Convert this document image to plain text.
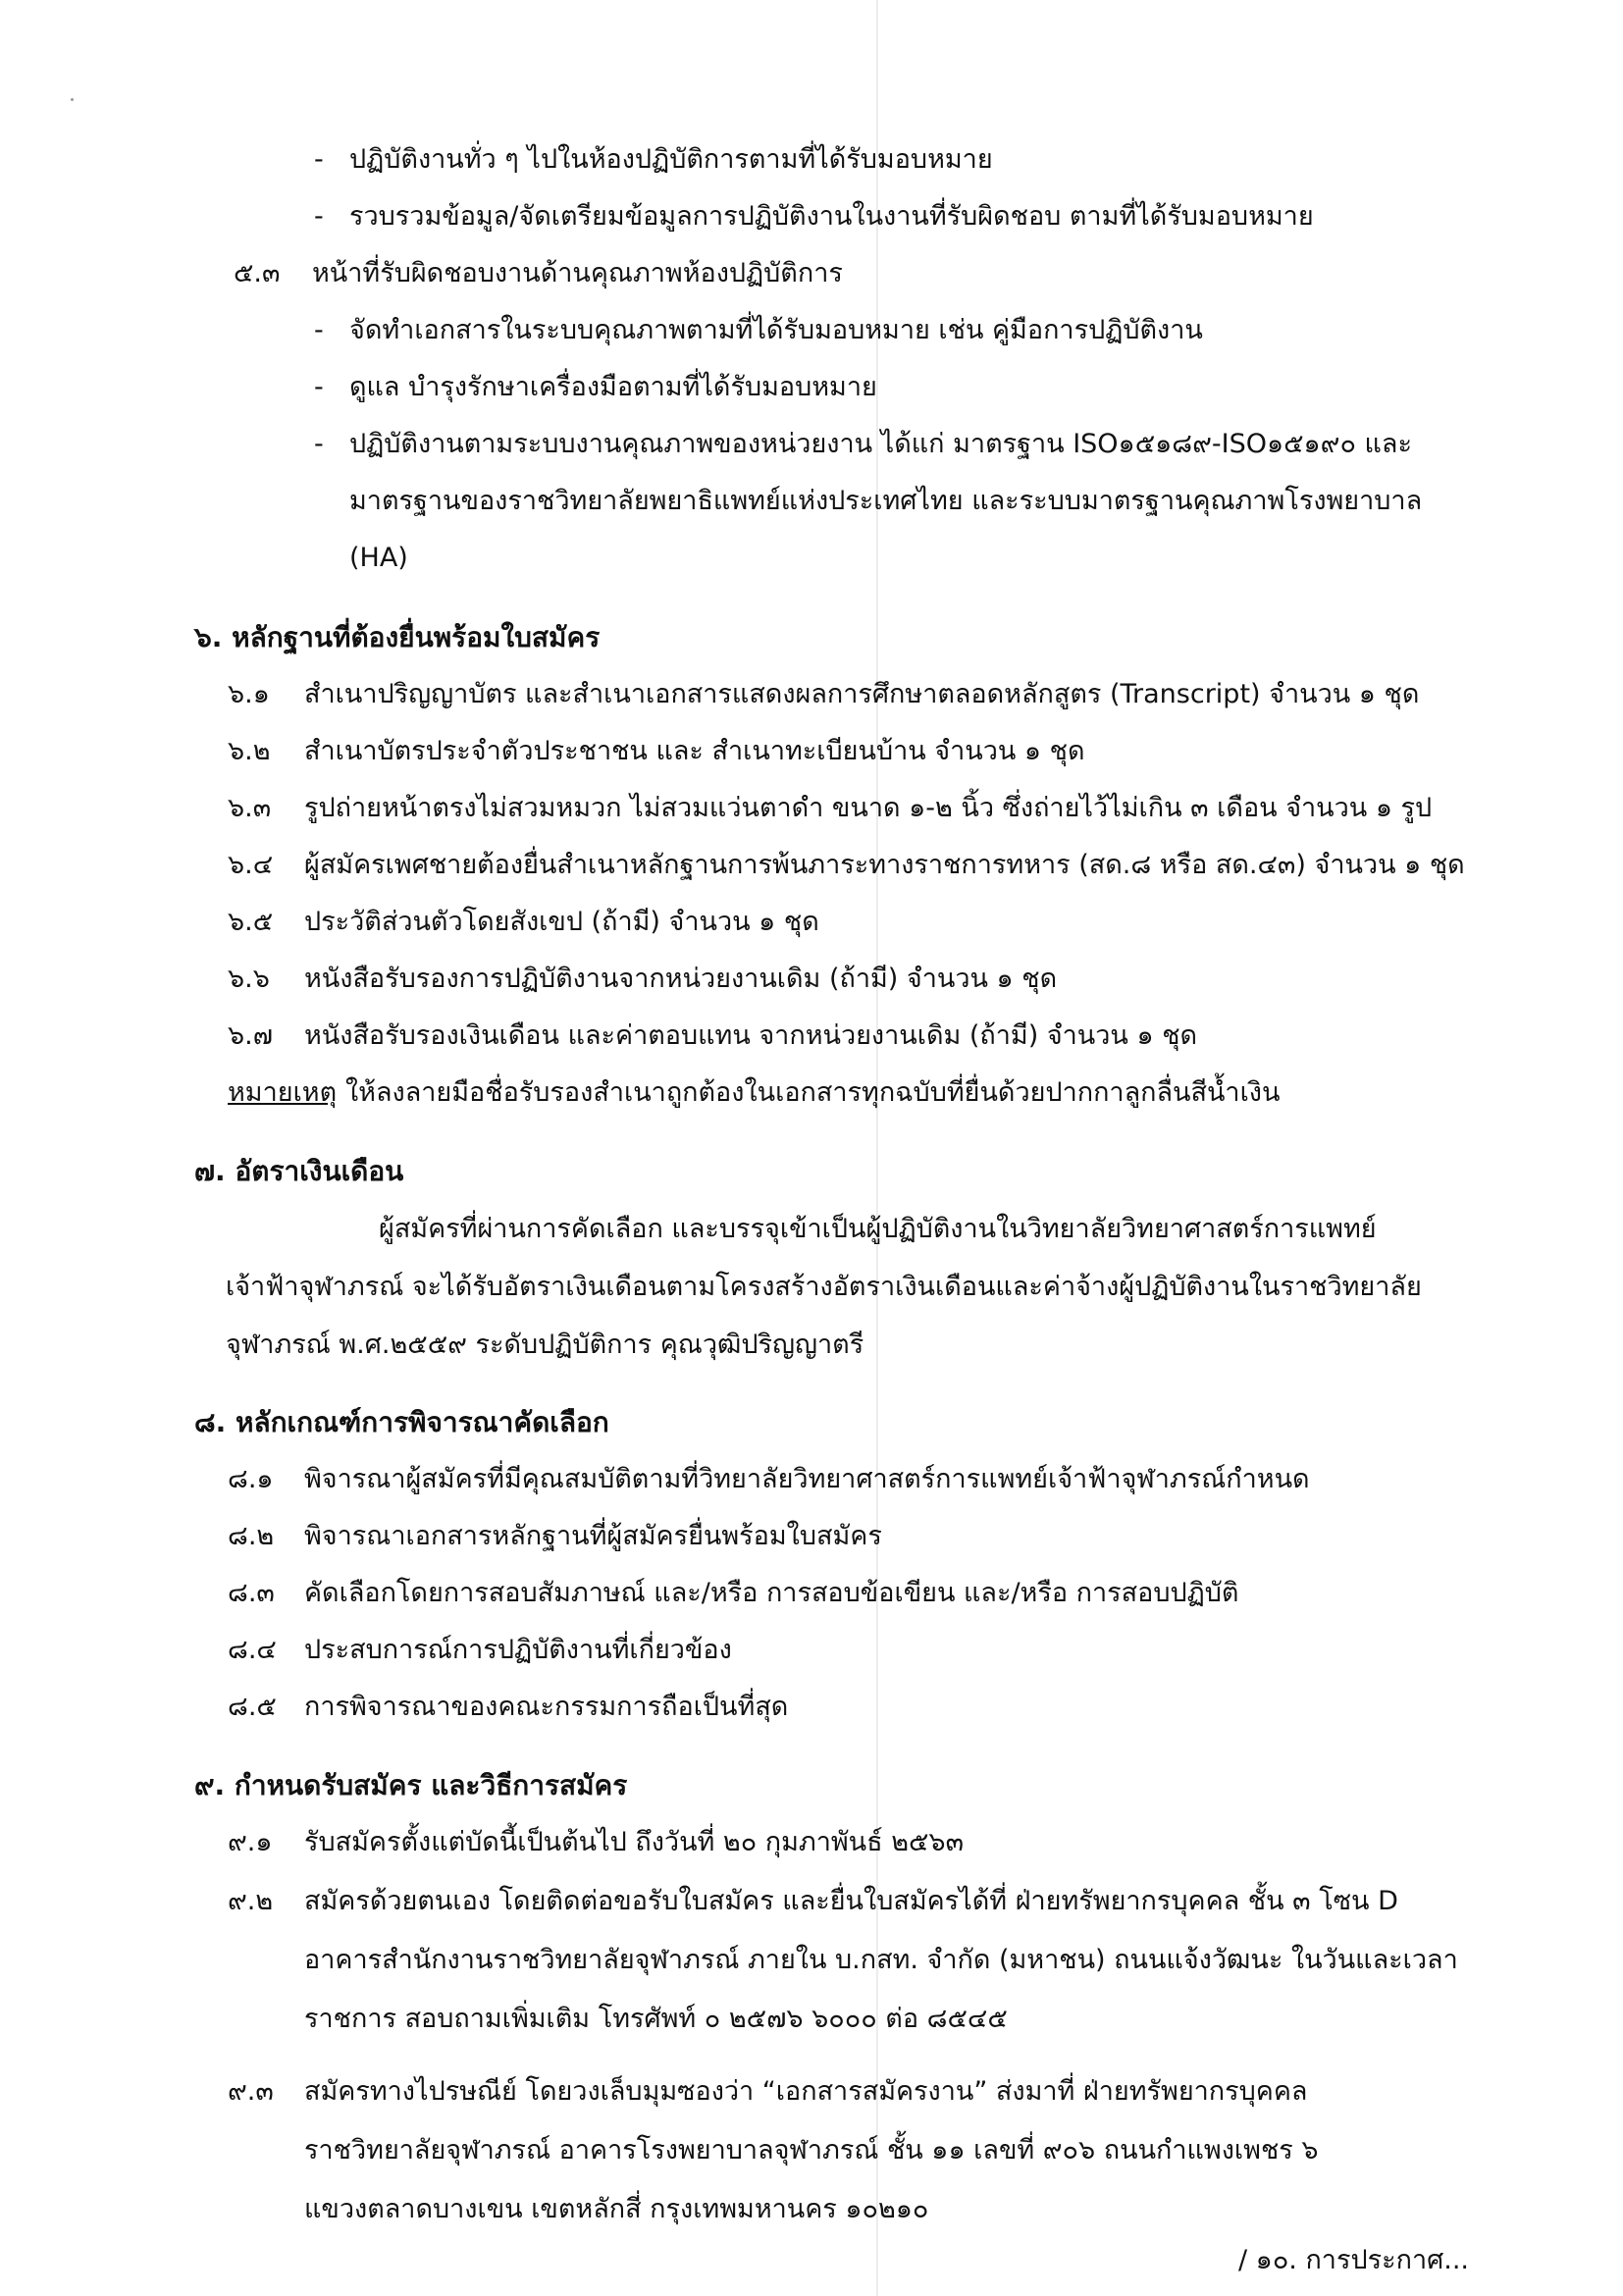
- ปฏิบัติงานทั่ว ๆ ไปในห้องปฏิบัติการตามที่ได้รับมอบหมาย
- รวบรวมข้อมูล/จัดเตรียมข้อมูลการปฏิบัติงานในงานที่รับผิดชอบ ตามที่ได้รับมอบหมาย
๕.๓ หน้าที่รับผิดชอบงานด้านคุณภาพห้องปฏิบัติการ
- จัดทำเอกสารในระบบคุณภาพตามที่ได้รับมอบหมาย เช่น คู่มือการปฏิบัติงาน
- ดูแล บำรุงรักษาเครื่องมือตามที่ได้รับมอบหมาย
- ปฏิบัติงานตามระบบงานคุณภาพของหน่วยงาน ได้แก่ มาตรฐาน ISO๑๕๑๘๙-ISO๑๕๑๙๐ และ
มาตรฐานของราชวิทยาลัยพยาธิแพทย์แห่งประเทศไทย และระบบมาตรฐานคุณภาพโรงพยาบาล
(HA)
๖. หลักฐานที่ต้องยื่นพร้อมใบสมัคร
๖.๑ สำเนาปริญญาบัตร และสำเนาเอกสารแสดงผลการศึกษาตลอดหลักสูตร (Transcript) จำนวน ๑ ชุด
๖.๒ สำเนาบัตรประจำตัวประชาชน และ สำเนาทะเบียนบ้าน จำนวน ๑ ชุด
๖.๓ รูปถ่ายหน้าตรงไม่สวมหมวก ไม่สวมแว่นตาดำ ขนาด ๑-๒ นิ้ว ซึ่งถ่ายไว้ไม่เกิน ๓ เดือน จำนวน ๑ รูป
๖.๔ ผู้สมัครเพศชายต้องยื่นสำเนาหลักฐานการพ้นภาระทางราชการทหาร (สด.๘ หรือ สด.๔๓) จำนวน ๑ ชุด
๖.๕ ประวัติส่วนตัวโดยสังเขป (ถ้ามี) จำนวน ๑ ชุด
๖.๖ หนังสือรับรองการปฏิบัติงานจากหน่วยงานเดิม (ถ้ามี) จำนวน ๑ ชุด
๖.๗ หนังสือรับรองเงินเดือน และค่าตอบแทน จากหน่วยงานเดิม (ถ้ามี) จำนวน ๑ ชุด
หมายเหตุ ให้ลงลายมือชื่อรับรองสำเนาถูกต้องในเอกสารทุกฉบับที่ยื่นด้วยปากกาลูกลื่นสีน้ำเงิน
๗. อัตราเงินเดือน
ผู้สมัครที่ผ่านการคัดเลือก และบรรจุเข้าเป็นผู้ปฏิบัติงานในวิทยาลัยวิทยาศาสตร์การแพทย์
เจ้าฟ้าจุฬาภรณ์ จะได้รับอัตราเงินเดือนตามโครงสร้างอัตราเงินเดือนและค่าจ้างผู้ปฏิบัติงานในราชวิทยาลัย
จุฬาภรณ์ พ.ศ.๒๕๕๙ ระดับปฏิบัติการ คุณวุฒิปริญญาตรี
๘. หลักเกณฑ์การพิจารณาคัดเลือก
๘.๑ พิจารณาผู้สมัครที่มีคุณสมบัติตามที่วิทยาลัยวิทยาศาสตร์การแพทย์เจ้าฟ้าจุฬาภรณ์กำหนด
๘.๒ พิจารณาเอกสารหลักฐานที่ผู้สมัครยื่นพร้อมใบสมัคร
๘.๓ คัดเลือกโดยการสอบสัมภาษณ์ และ/หรือ การสอบข้อเขียน และ/หรือ การสอบปฏิบัติ
๘.๔ ประสบการณ์การปฏิบัติงานที่เกี่ยวข้อง
๘.๕ การพิจารณาของคณะกรรมการถือเป็นที่สุด
๙. กำหนดรับสมัคร และวิธีการสมัคร
๙.๑ รับสมัครตั้งแต่บัดนี้เป็นต้นไป ถึงวันที่ ๒๐ กุมภาพันธ์ ๒๕๖๓
๙.๒ สมัครด้วยตนเอง โดยติดต่อขอรับใบสมัคร และยื่นใบสมัครได้ที่ ฝ่ายทรัพยากรบุคคล ชั้น ๓ โซน D
อาคารสำนักงานราชวิทยาลัยจุฬาภรณ์ ภายใน บ.กสท. จำกัด (มหาชน) ถนนแจ้งวัฒนะ ในวันและเวลา
ราชการ สอบถามเพิ่มเติม โทรศัพท์ ๐ ๒๕๗๖ ๖๐๐๐ ต่อ ๘๕๔๕
๙.๓ สมัครทางไปรษณีย์ โดยวงเล็บมุมซองว่า “เอกสารสมัครงาน” ส่งมาที่ ฝ่ายทรัพยากรบุคคล
ราชวิทยาลัยจุฬาภรณ์ อาคารโรงพยาบาลจุฬาภรณ์ ชั้น ๑๑ เลขที่ ๙๐๖ ถนนกำแพงเพชร ๖
แขวงตลาดบางเขน เขตหลักสี่ กรุงเทพมหานคร ๑๐๒๑๐
/ ๑๐. การประกาศ...
